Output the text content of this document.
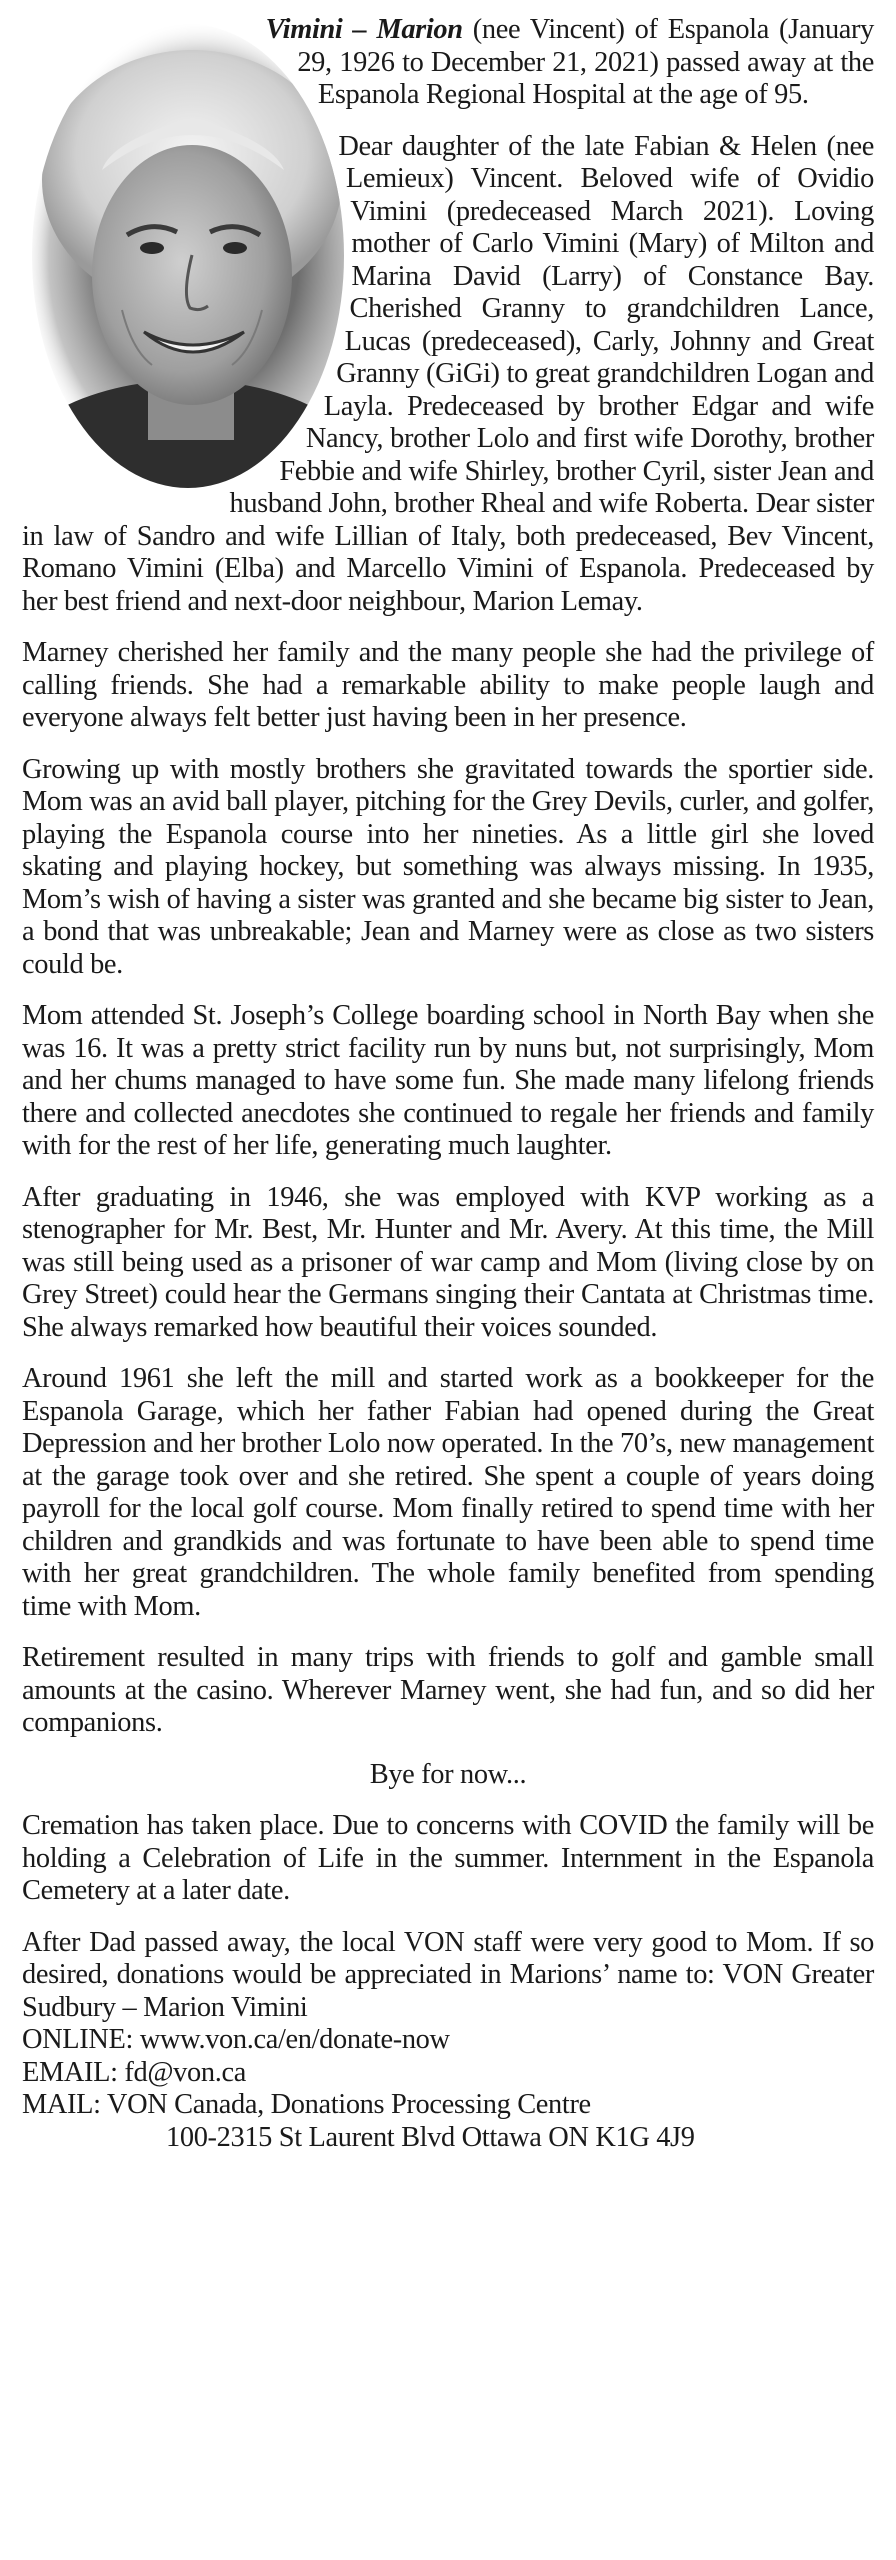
Vimini – Marion (nee Vincent) of Espanola (January 29, 1926 to December 21, 2021) passed away at the Espanola Regional Hospital at the age of 95.

Dear daughter of the late Fabian & Helen (nee Lemieux) Vincent. Beloved wife of Ovidio Vimini (predeceased March 2021). Loving mother of Carlo Vimini (Mary) of Milton and Marina David (Larry) of Constance Bay. Cherished Granny to grandchildren Lance, Lucas (predeceased), Carly, Johnny and Great Granny (GiGi) to great grandchildren Logan and Layla. Predeceased by brother Edgar and wife Nancy, brother Lolo and first wife Dorothy, brother Febbie and wife Shirley, brother Cyril, sister Jean and husband John, brother Rheal and wife Roberta. Dear sister in law of Sandro and wife Lillian of Italy, both predeceased, Bev Vincent, Romano Vimini (Elba) and Marcello Vimini of Espanola. Predeceased by her best friend and next-door neighbour, Marion Lemay.

Marney cherished her family and the many people she had the privilege of calling friends. She had a remarkable ability to make people laugh and everyone always felt better just having been in her presence.

Growing up with mostly brothers she gravitated towards the sportier side. Mom was an avid ball player, pitching for the Grey Devils, curler, and golfer, playing the Espanola course into her nineties. As a little girl she loved skating and playing hockey, but something was always missing. In 1935, Mom’s wish of having a sister was granted and she became big sister to Jean, a bond that was unbreakable; Jean and Marney were as close as two sisters could be.

Mom attended St. Joseph’s College boarding school in North Bay when she was 16. It was a pretty strict facility run by nuns but, not surprisingly, Mom and her chums managed to have some fun. She made many lifelong friends there and collected anecdotes she continued to regale her friends and family with for the rest of her life, generating much laughter.

After graduating in 1946, she was employed with KVP working as a stenographer for Mr. Best, Mr. Hunter and Mr. Avery. At this time, the Mill was still being used as a prisoner of war camp and Mom (living close by on Grey Street) could hear the Germans singing their Cantata at Christmas time. She always remarked how beautiful their voices sounded.

Around 1961 she left the mill and started work as a bookkeeper for the Espanola Garage, which her father Fabian had opened during the Great Depression and her brother Lolo now operated. In the 70’s, new management at the garage took over and she retired. She spent a couple of years doing payroll for the local golf course. Mom finally retired to spend time with her children and grandkids and was fortunate to have been able to spend time with her great grandchildren. The whole family benefited from spending time with Mom.

Retirement resulted in many trips with friends to golf and gamble small amounts at the casino. Wherever Marney went, she had fun, and so did her companions.

Bye for now...

Cremation has taken place. Due to concerns with COVID the family will be holding a Celebration of Life in the summer. Internment in the Espanola Cemetery at a later date.

After Dad passed away, the local VON staff were very good to Mom. If so desired, donations would be appreciated in Marions’ name to: VON Greater Sudbury – Marion Vimini

ONLINE: www.von.ca/en/donate-now
EMAIL: fd@von.ca
MAIL: VON Canada, Donations Processing Centre
100-2315 St Laurent Blvd Ottawa ON K1G 4J9
